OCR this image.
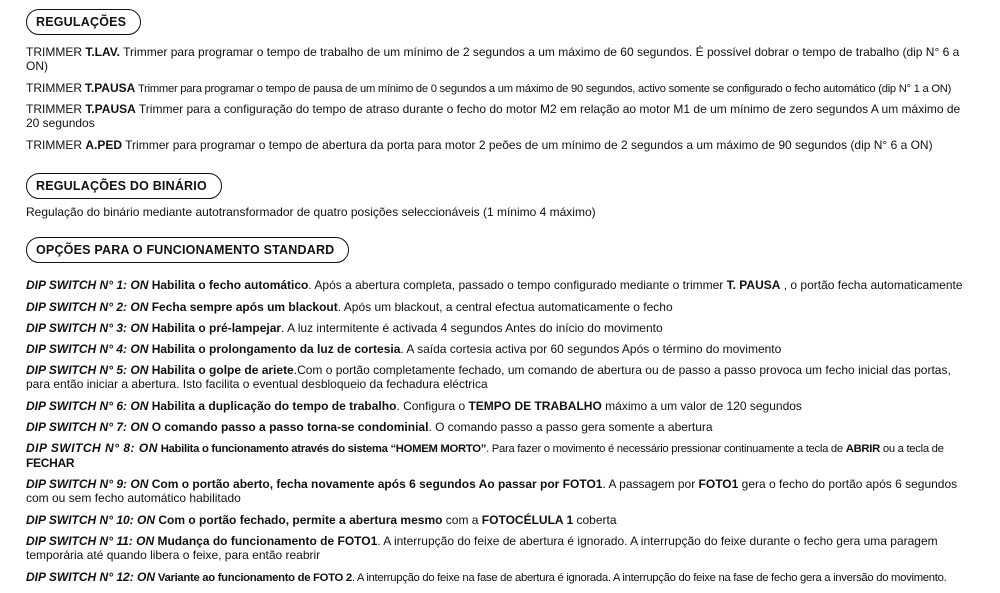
REGULAÇÕES
TRIMMER T.LAV. Trimmer para programar o tempo de trabalho de um mínimo de 2 segundos a um máximo de 60 segundos. É possível dobrar o tempo de trabalho (dip N° 6 a ON)
TRIMMER T.PAUSA Trimmer para programar o tempo de pausa de um mínimo de 0 segundos a um máximo de 90 segundos, activo somente se configurado o fecho automático (dip N° 1 a ON)
TRIMMER T.PAUSA Trimmer para a configuração do tempo de atraso durante o fecho do motor M2 em relação ao motor M1 de um mínimo de zero segundos A um máximo de 20 segundos
TRIMMER A.PED Trimmer para programar o tempo de abertura da porta para motor 2 peões de um mínimo de 2 segundos a um máximo de 90 segundos (dip N° 6 a ON)
REGULAÇÕES DO BINÁRIO
Regulação do binário mediante autotransformador de quatro posições seleccionáveis (1 mínimo 4 máximo)
OPÇÕES PARA O FUNCIONAMENTO STANDARD
DIP SWITCH N° 1: ON Habilita o fecho automático. Após a abertura completa, passado o tempo configurado mediante o trimmer T. PAUSA , o portão fecha automaticamente
DIP SWITCH N° 2: ON Fecha sempre após um blackout. Após um blackout, a central efectua automaticamente o fecho
DIP SWITCH N° 3: ON Habilita o pré-lampejar. A luz intermitente é activada 4 segundos Antes do início do movimento
DIP SWITCH N° 4: ON Habilita o prolongamento da luz de cortesia. A saída cortesia activa por 60 segundos Após o término do movimento
DIP SWITCH N° 5: ON Habilita o golpe de ariete.Com o portão completamente fechado, um comando de abertura ou de passo a passo provoca um fecho inicial das portas, para então iniciar a abertura. Isto facilita o eventual desbloqueio da fechadura eléctrica
DIP SWITCH N° 6: ON Habilita a duplicação do tempo de trabalho. Configura o TEMPO DE TRABALHO máximo a um valor de 120 segundos
DIP SWITCH N° 7: ON O comando passo a passo torna-se condominial. O comando passo a passo gera somente a abertura
DIP SWITCH N° 8: ON Habilita o funcionamento através do sistema “HOMEM MORTO”. Para fazer o movimento é necessário pressionar continuamente a tecla de ABRIR ou a tecla de FECHAR
DIP SWITCH N° 9: ON Com o portão aberto, fecha novamente após 6 segundos Ao passar por FOTO1. A passagem por FOTO1 gera o fecho do portão após 6 segundos com ou sem fecho automático habilitado
DIP SWITCH N° 10: ON Com o portão fechado, permite a abertura mesmo com a FOTOCÉLULA 1 coberta
DIP SWITCH N° 11: ON Mudança do funcionamento de FOTO1. A interrupção do feixe de abertura é ignorado. A interrupção do feixe durante o fecho gera uma paragem temporária até quando libera o feixe, para então reabrir
DIP SWITCH N° 12: ON Variante ao funcionamento de FOTO 2. A interrupção do feixe na fase de abertura é ignorada. A interrupção do feixe na fase de fecho gera a inversão do movimento.
